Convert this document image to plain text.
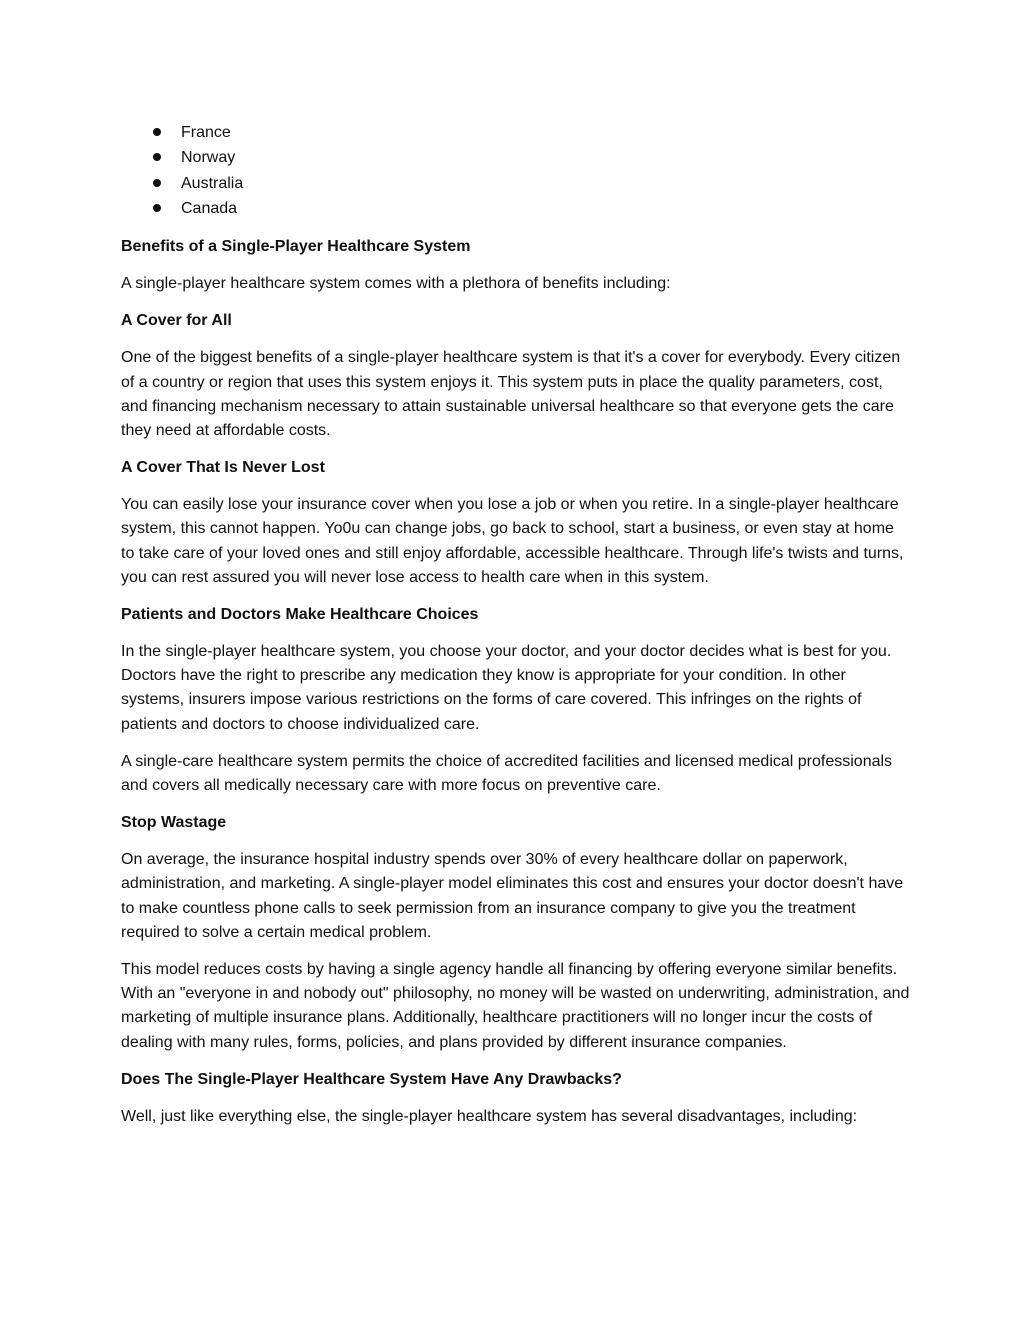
France
Norway
Australia
Canada
Benefits of a Single-Player Healthcare System

A single-player healthcare system comes with a plethora of benefits including:

A Cover for All

One of the biggest benefits of a single-player healthcare system is that it's a cover for everybody. Every citizen of a country or region that uses this system enjoys it. This system puts in place the quality parameters, cost, and financing mechanism necessary to attain sustainable universal healthcare so that everyone gets the care they need at affordable costs.

A Cover That Is Never Lost

You can easily lose your insurance cover when you lose a job or when you retire. In a single-player healthcare system, this cannot happen. Yo0u can change jobs, go back to school, start a business, or even stay at home to take care of your loved ones and still enjoy affordable, accessible healthcare. Through life's twists and turns, you can rest assured you will never lose access to health care when in this system.

Patients and Doctors Make Healthcare Choices

In the single-player healthcare system, you choose your doctor, and your doctor decides what is best for you. Doctors have the right to prescribe any medication they know is appropriate for your condition. In other systems, insurers impose various restrictions on the forms of care covered. This infringes on the rights of patients and doctors to choose individualized care.

A single-care healthcare system permits the choice of accredited facilities and licensed medical professionals and covers all medically necessary care with more focus on preventive care.

Stop Wastage

On average, the insurance hospital industry spends over 30% of every healthcare dollar on paperwork, administration, and marketing. A single-player model eliminates this cost and ensures your doctor doesn't have to make countless phone calls to seek permission from an insurance company to give you the treatment required to solve a certain medical problem.

This model reduces costs by having a single agency handle all financing by offering everyone similar benefits. With an "everyone in and nobody out" philosophy, no money will be wasted on underwriting, administration, and marketing of multiple insurance plans. Additionally, healthcare practitioners will no longer incur the costs of dealing with many rules, forms, policies, and plans provided by different insurance companies.

Does The Single-Player Healthcare System Have Any Drawbacks?

Well, just like everything else, the single-player healthcare system has several disadvantages, including:
